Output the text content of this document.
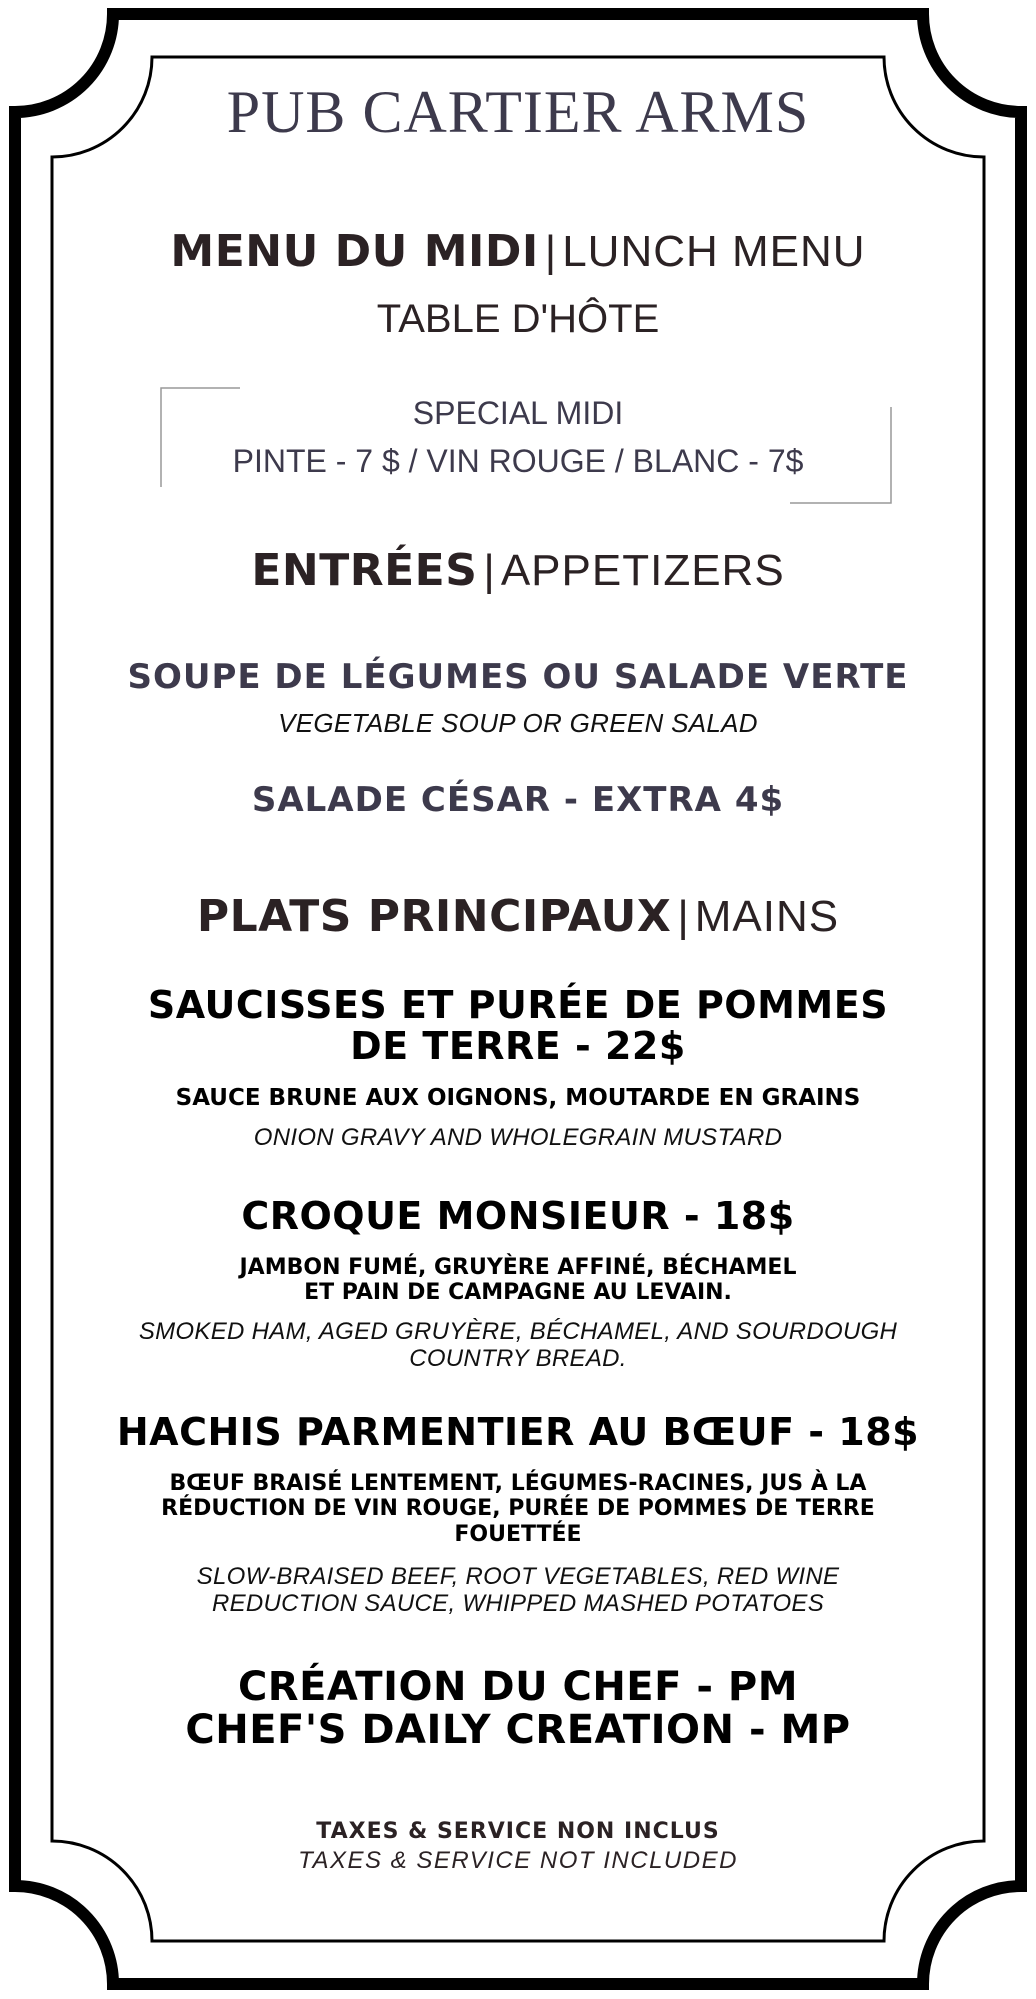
PUB CARTIER ARMS
MENU DU MIDI | LUNCH MENU
TABLE D'HÔTE
SPECIAL MIDI
PINTE - 7 $ / VIN ROUGE / BLANC - 7$
ENTRÉES | APPETIZERS
SOUPE DE LÉGUMES OU SALADE VERTE
VEGETABLE SOUP OR GREEN SALAD
SALADE CÉSAR - EXTRA 4$
PLATS PRINCIPAUX | MAINS
SAUCISSES ET PURÉE DE POMMES
DE TERRE - 22$
SAUCE BRUNE AUX OIGNONS, MOUTARDE EN GRAINS
ONION GRAVY AND WHOLEGRAIN MUSTARD
CROQUE MONSIEUR - 18$
JAMBON FUMÉ, GRUYÈRE AFFINÉ, BÉCHAMEL
ET PAIN DE CAMPAGNE AU LEVAIN.
SMOKED HAM, AGED GRUYÈRE, BÉCHAMEL, AND SOURDOUGH
COUNTRY BREAD.
HACHIS PARMENTIER AU BŒUF - 18$
BŒUF BRAISÉ LENTEMENT, LÉGUMES-RACINES, JUS À LA
RÉDUCTION DE VIN ROUGE, PURÉE DE POMMES DE TERRE
FOUETTÉE
SLOW-BRAISED BEEF, ROOT VEGETABLES, RED WINE
REDUCTION SAUCE, WHIPPED MASHED POTATOES
CRÉATION DU CHEF - PM
CHEF'S DAILY CREATION - MP
TAXES & SERVICE NON INCLUS
TAXES & SERVICE NOT INCLUDED
